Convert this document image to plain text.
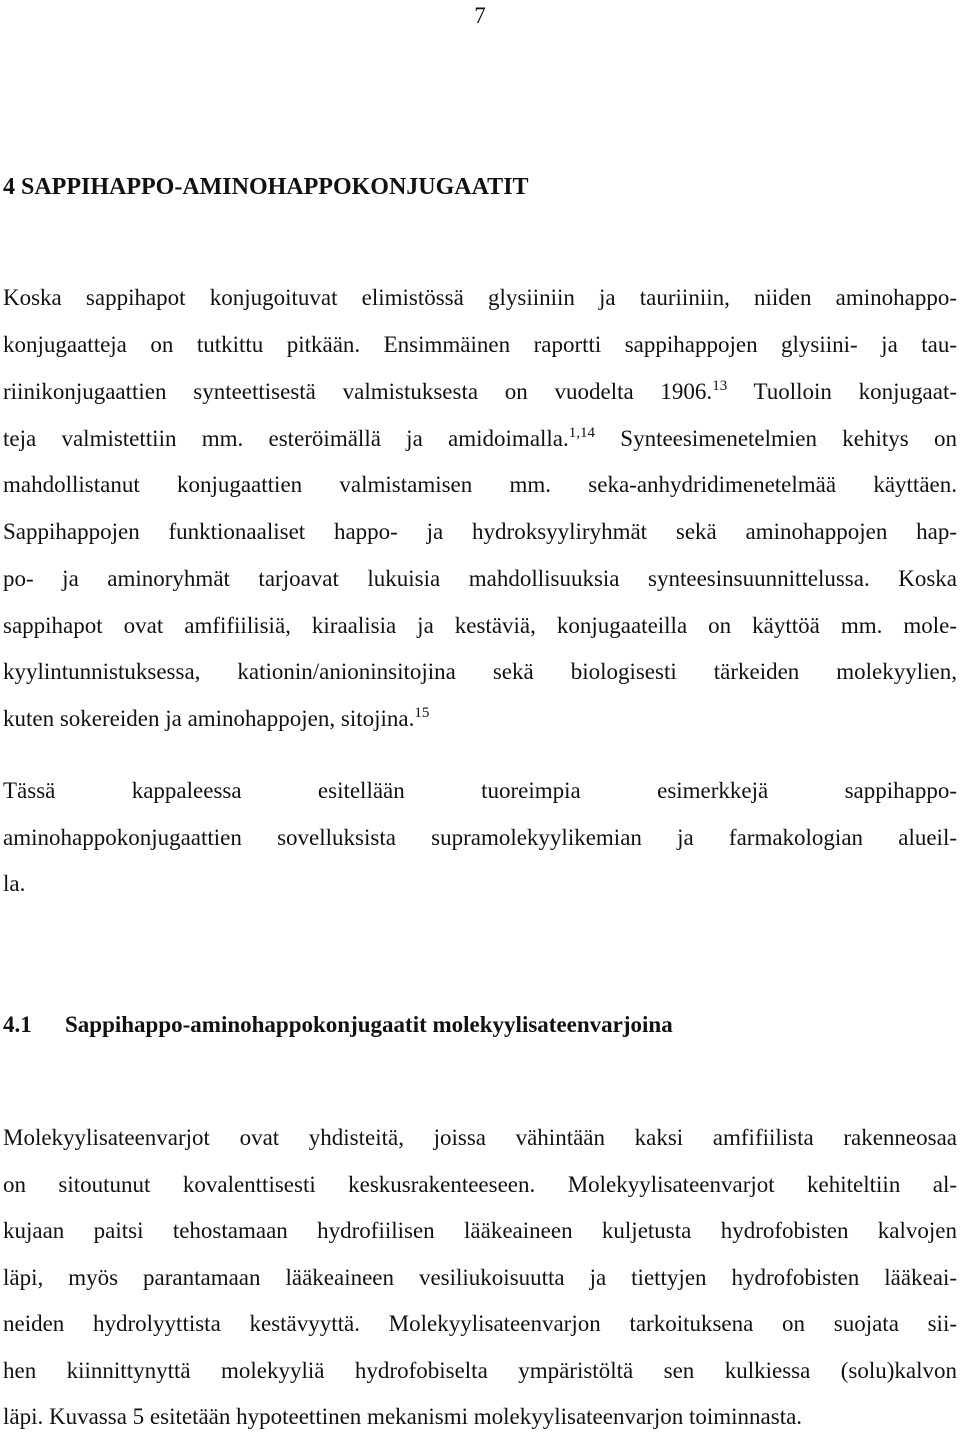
7
4 SAPPIHAPPO-AMINOHAPPOKONJUGAATIT
Koska sappihapot konjugoituvat elimistössä glysiiniin ja tauriiniin, niiden aminohappo-
konjugaatteja on tutkittu pitkään. Ensimmäinen raportti sappihappojen glysiini- ja tau-
riinikonjugaattien synteettisestä valmistuksesta on vuodelta 1906.13 Tuolloin konjugaat-
teja valmistettiin mm. esteröimällä ja amidoimalla.$^{1,14}$ Synteesimenetelmien kehitys on
mahdollistanut konjugaattien valmistamisen mm. seka-anhydridimenetelmää käyttäen.
Sappihappojen funktionaaliset happo- ja hydroksyyliryhmät sekä aminohappojen hap-
po- ja aminoryhmät tarjoavat lukuisia mahdollisuuksia synteesinsuunnittelussa. Koska
sappihapot ovat amfifiilisiä, kiraalisia ja kestäviä, konjugaateilla on käyttöä mm. mole-
kyylintunnistuksessa, kationin/anioninsitojina sekä biologisesti tärkeiden molekyylien,
kuten sokereiden ja aminohappojen, sitojina.$^{15}$
Tässä kappaleessa esitellään tuoreimpia esimerkkejä sappihappo-
aminohappokonjugaattien sovelluksista supramolekyylikemian ja farmakologian alueil-
la.
4.1 Sappihappo-aminohappokonjugaatit molekyylisateenvarjoina
Molekyylisateenvarjot ovat yhdisteitä, joissa vähintään kaksi amfifiilista rakenneosaa
on sitoutunut kovalenttisesti keskusrakenteeseen. Molekyylisateenvarjot kehiteltiin al-
kujaan paitsi tehostamaan hydrofiilisen lääkeaineen kuljetusta hydrofobisten kalvojen
läpi, myös parantamaan lääkeaineen vesiliukoisuutta ja tiettyjen hydrofobisten lääkeai-
neiden hydrolyyttista kestävyyttä. Molekyylisateenvarjon tarkoituksena on suojata sii-
hen kiinnittynyttä molekyyliä hydrofobiselta ympäristöltä sen kulkiessa (solu)kalvon
läpi. Kuvassa 5 esitetään hypoteettinen mekanismi molekyylisateenvarjon toiminnasta.
